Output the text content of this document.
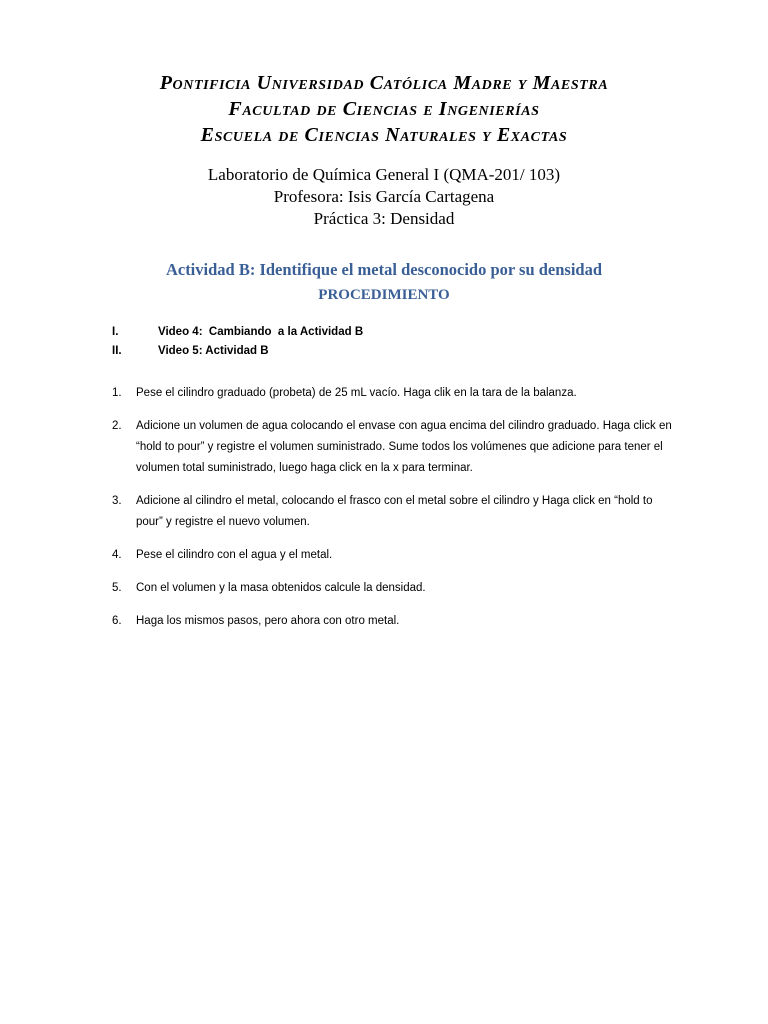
Pontificia Universidad Católica Madre y Maestra
Facultad de Ciencias e Ingenierías
Escuela de Ciencias Naturales y Exactas
Laboratorio de Química General I (QMA-201/ 103)
Profesora: Isis García Cartagena
Práctica 3: Densidad
Actividad B: Identifique el metal desconocido por su densidad
PROCEDIMIENTO
I.	Video 4:  Cambiando  a la Actividad B
II.	Video 5: Actividad B
1. Pese el cilindro graduado (probeta) de 25 mL vacío. Haga clik en la tara de la balanza.
2. Adicione un volumen de agua colocando el envase con agua encima del cilindro graduado. Haga click en “hold to pour” y registre el volumen suministrado. Sume todos los volúmenes que adicione para tener el volumen total suministrado, luego haga click en la x para terminar.
3. Adicione al cilindro el metal, colocando el frasco con el metal sobre el cilindro y Haga click en “hold to pour” y registre el nuevo volumen.
4. Pese el cilindro con el agua y el metal.
5. Con el volumen y la masa obtenidos calcule la densidad.
6. Haga los mismos pasos, pero ahora con otro metal.
